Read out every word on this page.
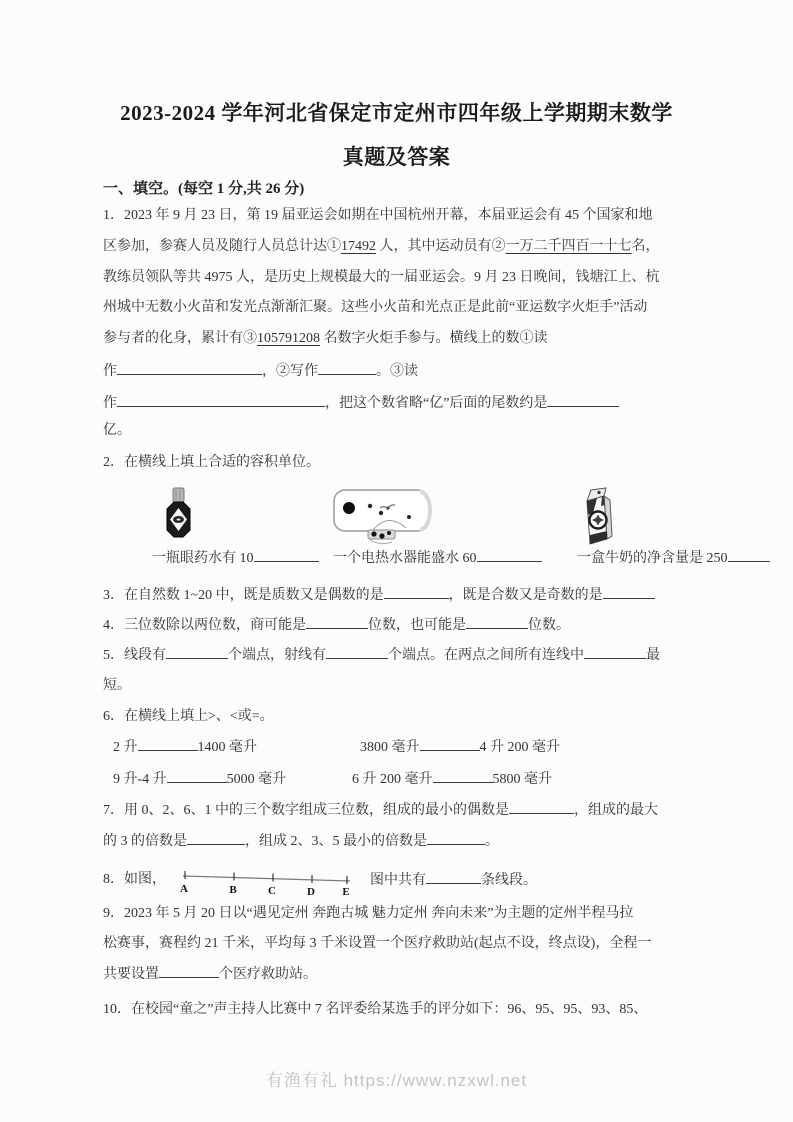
2023-2024 学年河北省保定市定州市四年级上学期期末数学
真题及答案
一、填空。(每空 1 分,共 26 分)
1．2023 年 9 月 23 日，第 19 届亚运会如期在中国杭州开幕，本届亚运会有 45 个国家和地
区参加，参赛人员及随行人员总计达①17492 人，其中运动员有②一万二千四百一十七名，
教练员领队等共 4975 人，是历史上规模最大的一届亚运会。9 月 23 日晚间，钱塘江上、杭
州城中无数小火苗和发光点渐渐汇聚。这些小火苗和光点正是此前“亚运数字火炬手”活动
参与者的化身，累计有③105791208 名数字火炬手参与。横线上的数①读
作	，②写作	。③读
作	，把这个数省略“亿”后面的尾数约是
亿。
2．在横线上填上合适的容积单位。
一瓶眼药水有 10	一个电热水器能盛水 60	一盒牛奶的净含量是 250
3．在自然数 1~20 中，既是质数又是偶数的是	，既是合数又是奇数的是
4．三位数除以两位数，商可能是	位数，也可能是	位数。
5．线段有	个端点，射线有	个端点。在两点之间所有连线中	最
短。
6．在横线上填上>、<或=。
2 升	1400 毫升	3800 毫升	4 升 200 毫升
9 升-4 升	5000 毫升	6 升 200 毫升	5800 毫升
7．用 0、2、6、1 中的三个数字组成三位数，组成的最小的偶数是	，组成的最大
的 3 的倍数是	，组成 2、3、5 最小的倍数是	。
8．如图，	图中共有	条线段。
A	B	C	D E
9．2023 年 5 月 20 日以“遇见定州 奔跑古城 魅力定州 奔向未来”为主题的定州半程马拉
松赛事，赛程约 21 千米，平均每 3 千米设置一个医疗救助站(起点不设，终点设)，全程一
共要设置	个医疗救助站。
10．在校园“童之”声主持人比赛中 7 名评委给某选手的评分如下：96、95、95、93、85、
有渔有礼 https://www.nzxwl.net
